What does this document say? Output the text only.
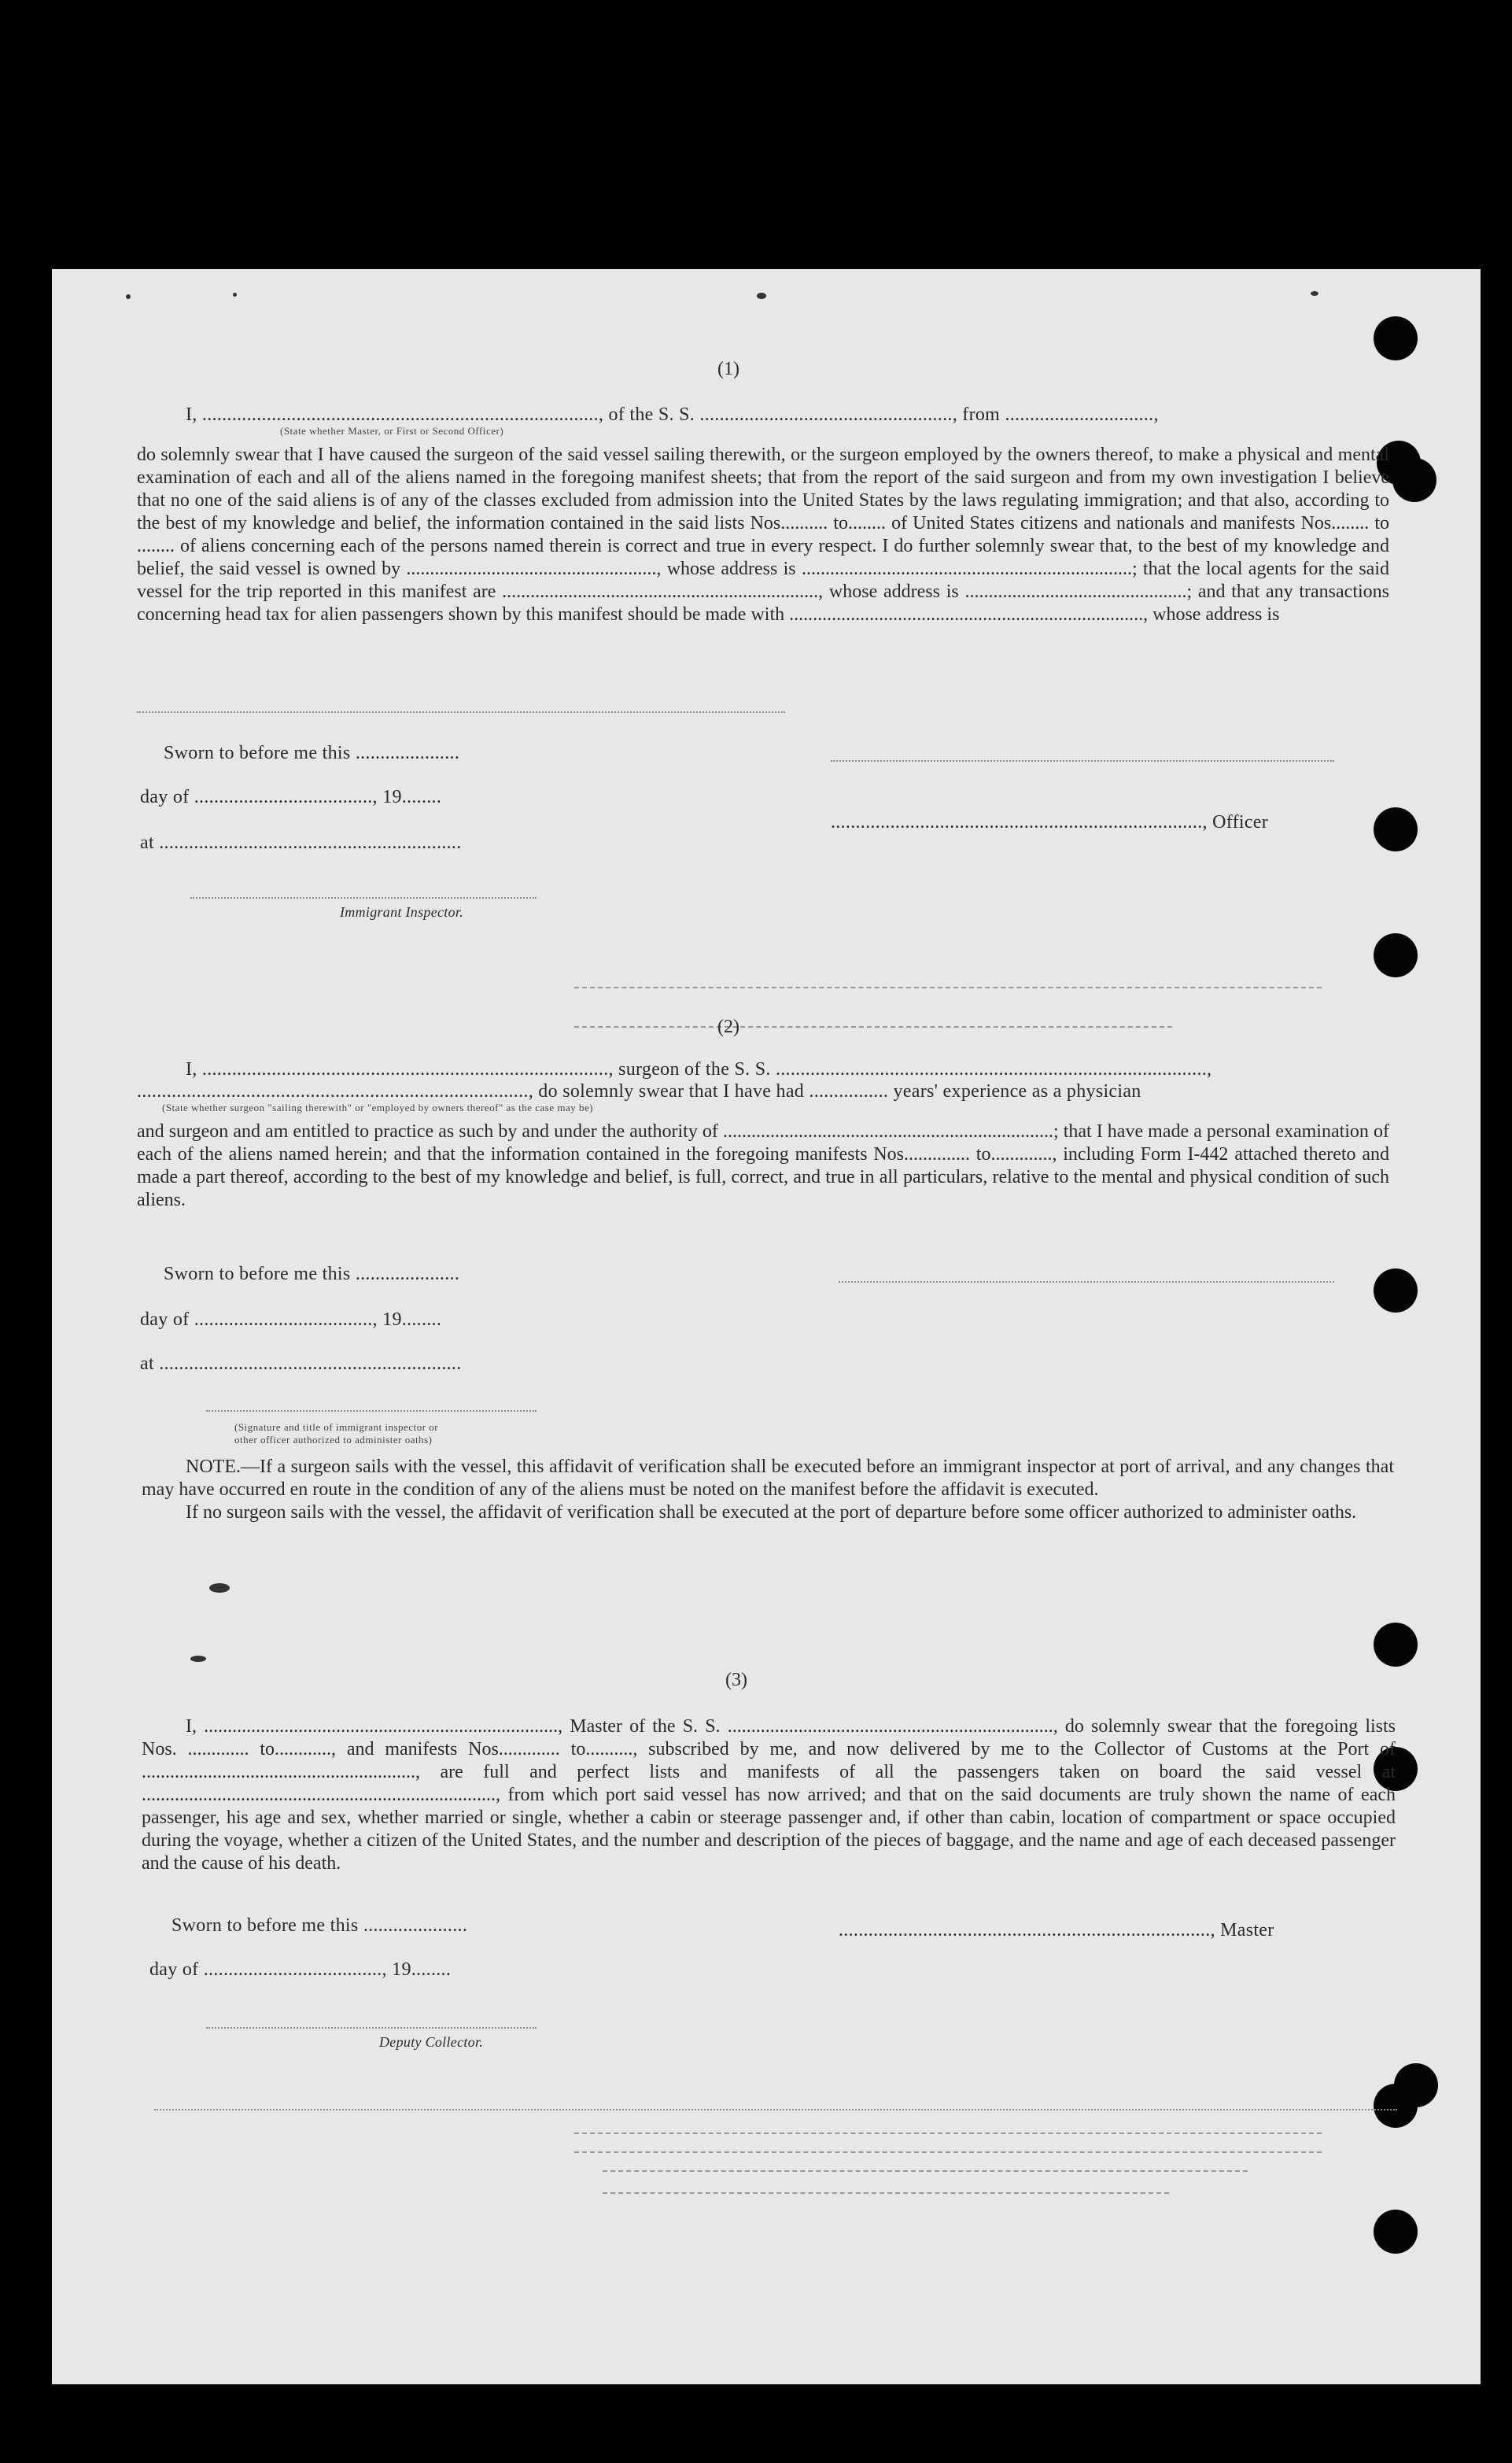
(1)
I, ................................................................................, of the S. S. ..................................................., from ..............................,
(State whether Master, or First or Second Officer)

do solemnly swear that I have caused the surgeon of the said vessel sailing therewith, or the surgeon employed by the owners thereof, to make a physical and mental examination of each and all of the aliens named in the foregoing manifest sheets; that from the report of the said surgeon and from my own investigation I believe that no one of the said aliens is of any of the classes excluded from admission into the United States by the laws regulating immigration; and that also, according to the best of my knowledge and belief, the information contained in the said lists Nos.......... to........ of United States citizens and nationals and manifests Nos........ to ........ of aliens concerning each of the persons named therein is correct and true in every respect. I do further solemnly swear that, to the best of my knowledge and belief, the said vessel is owned by ....................................................., whose address is ......................................................................; that the local agents for the said vessel for the trip reported in this manifest are ..................................................................., whose address is ...............................................; and that any transactions concerning head tax for alien passengers shown by this manifest should be made with ..........................................................................., whose address is

Sworn to before me this .....................
day of ...................................., 19........
..........................................................................., Officer
at .............................................................
Immigrant Inspector.
(2)
I, .................................................................................., surgeon of the S. S. .......................................................................................,
..............................................................................., do solemnly swear that I have had ................ years' experience as a physician
(State whether surgeon "sailing therewith" or "employed by owners thereof" as the case may be)

and surgeon and am entitled to practice as such by and under the authority of ......................................................................; that I have made a personal examination of each of the aliens named herein; and that the information contained in the foregoing manifests Nos.............. to............., including Form I-442 attached thereto and made a part thereof, according to the best of my knowledge and belief, is full, correct, and true in all particulars, relative to the mental and physical condition of such aliens.

Sworn to before me this .....................
day of ...................................., 19........
at .............................................................
(Signature and title of immigrant inspector or
other officer authorized to administer oaths)

NOTE.—If a surgeon sails with the vessel, this affidavit of verification shall be executed before an immigrant inspector at port of arrival, and any changes that may have occurred en route in the condition of any of the aliens must be noted on the manifest before the affidavit is executed.

If no surgeon sails with the vessel, the affidavit of verification shall be executed at the port of departure before some officer authorized to administer oaths.

(3)

I, ..........................................................................., Master of the S. S. ....................................................................., do solemnly swear that the foregoing lists Nos. ............. to............, and manifests Nos............. to.........., subscribed by me, and now delivered by me to the Collector of Customs at the Port of .........................................................., are full and perfect lists and manifests of all the passengers taken on board the said vessel at ..........................................................................., from which port said vessel has now arrived; and that on the said documents are truly shown the name of each passenger, his age and sex, whether married or single, whether a cabin or steerage passenger and, if other than cabin, location of compartment or space occupied during the voyage, whether a citizen of the United States, and the number and description of the pieces of baggage, and the name and age of each deceased passenger and the cause of his death.

Sworn to before me this .....................	..........................................................................., Master
day of ...................................., 19........
Deputy Collector.
